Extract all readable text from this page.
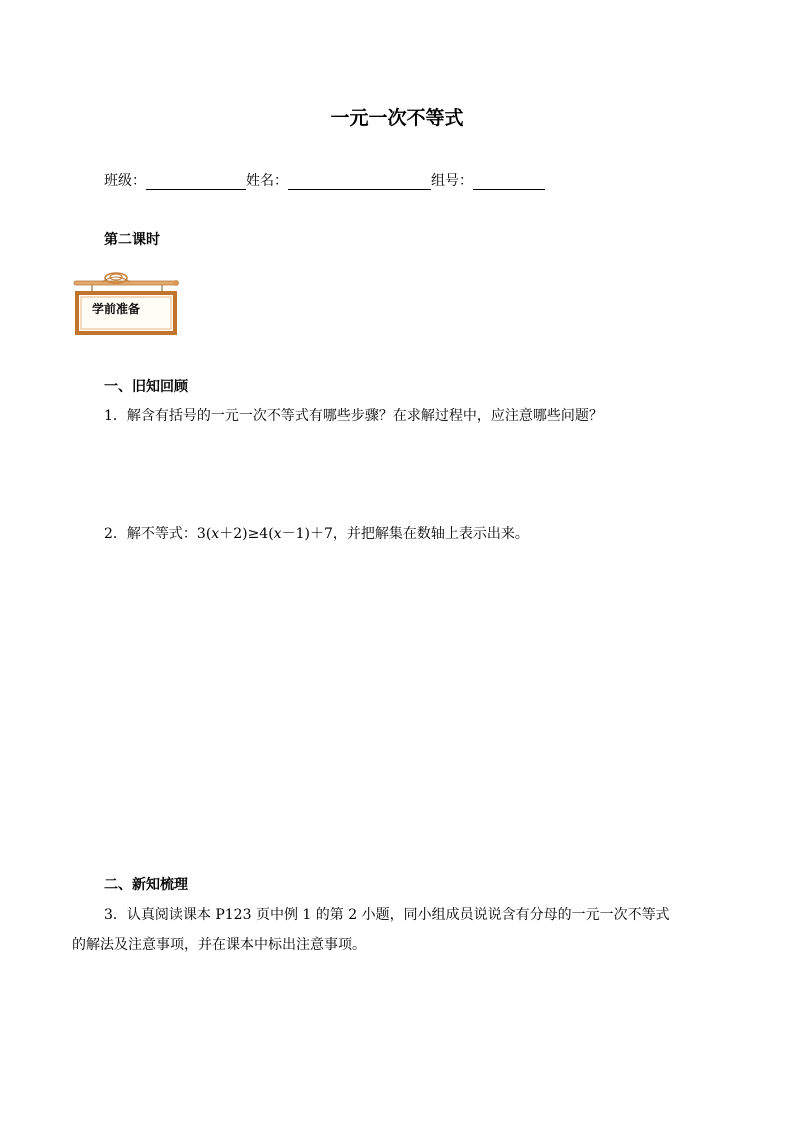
一元一次不等式
班级：	姓名：	组号：
第二课时
学前准备
一、旧知回顾
1．解含有括号的一元一次不等式有哪些步骤？在求解过程中，应注意哪些问题？
2．解不等式：3(x＋2)≥4(x－1)＋7，并把解集在数轴上表示出来。
二、新知梳理
3．认真阅读课本 P123 页中例 1 的第 2 小题，同小组成员说说含有分母的一元一次不等式
的解法及注意事项，并在课本中标出注意事项。
